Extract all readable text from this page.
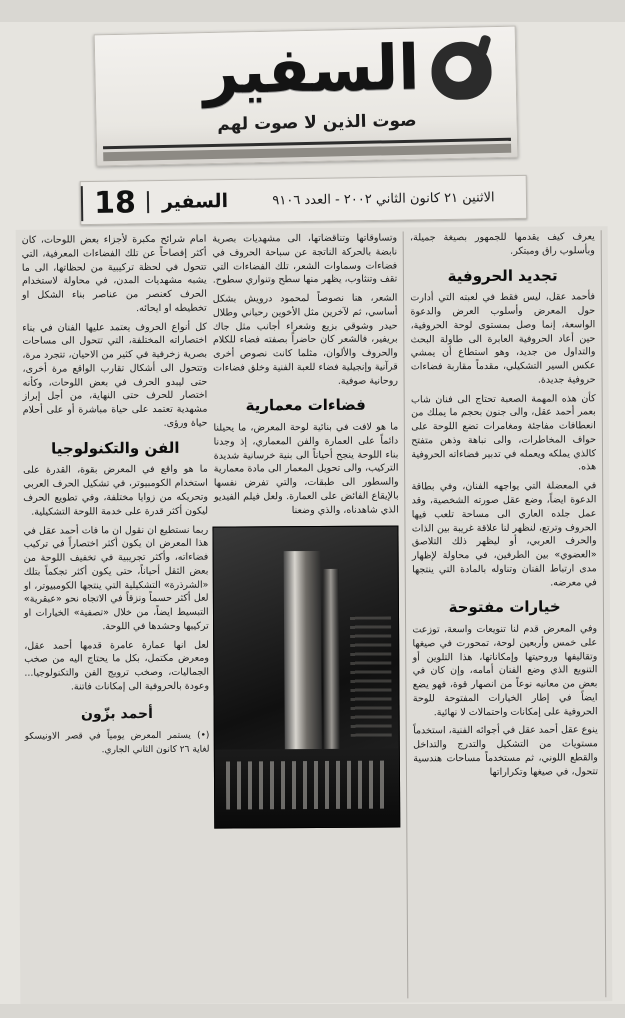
السفير
صوت الذين لا صوت لهم
18	السفير	الاثنين ٢١ كانون الثاني ٢٠٠٢ - العدد ٩١٠٦

امام شرائح مكبرة لأجزاء بعض اللوحات، كان أكثر إفصاحاً عن تلك الفضاءات المعرفية، التي تتحول في لحظة تركيبية من لحظاتها، الى ما يشبه مشهديات المدن، في محاولة لاستخدام الحرف كعنصر من عناصر بناء الشكل او تخطيطه او ايحائه.

كل أنواع الحروف يعتمد عليها الفنان في بناء اختصاراته المختلفة، التي تتحول الى مساحات بصرية زخرفية في كثير من الاحيان، تتجرد مرة، وتتحول الى أشكال تقارب الواقع مرة أخرى، حتى ليبدو الحرف في بعض اللوحات، وكأنه اختصار للحرف حتى النهاية، من أجل إبراز مشهدية تعتمد على حياة مباشرة أو على أحلام حياة ورؤى.

الفن والتكنولوجيا

ما هو واقع في المعرض بقوة، القدرة على استخدام الكومبيوتر، في تشكيل الحرف العربي وتحريكه من زوايا مختلفة، وفي تطويع الحرف ليكون أكثر قدرة على خدمة اللوحة التشكيلية.

ربما نستطيع ان نقول ان ما فات أحمد عقل في هذا المعرض ان يكون أكثر اختصاراً في تركيب فضاءاته، وأكثر تجريبية في تخفيف اللوحة من بعض الثقل أحياناً، حتى يكون أكثر تجكماً بتلك «الشرذرة» التشكيلية التي ينتجها الكومبيوتر، او لعل أكثر حسماً ونزقاً في الاتجاه نحو «عبقرية» التبسيط ايضاً، من خلال «تصفية» الخيارات او تركيبها وحشدها في اللوحة.

لعل انها عمارة عامرة قدمها أحمد عقل، ومعرض مكتمل، بكل ما يحتاج اليه من صخب الجماليات، وصخب ترويج الفن والتكنولوجيا... وعودة بالحروفية الى إمكانات فاتنة.

أحمد بزّون
(•) يستمر المعرض يومياً في قصر الاونيسكو لغاية ٢٦ كانون الثاني الجاري.

وتساوقاتها وتناقضاتها، الى مشهديات بصرية نابضة بالحركة الناتجة عن سباحة الحروف في فضاءات وسماوات الشعر، تلك الفضاءات التي تقف وتنثاوب، يظهر منها سطح وتنواري سطوح.

الشعر، هنا نصوصاً لمحمود درويش بشكل أساسي، ثم لآخرين مثل الأخوين رحباني وطلال حيدر وشوقي بزيع وشعراء أجانب مثل جاك بريفير، فالشعر كان حاضراً بصفته فضاء للكلام والحروف والألوان، مثلما كانت نصوص أخرى قرآنية وإنجيلية فضاء للعبة الفنية وخلق فضاءات روحانية صوفية.

فضاءات معمارية

ما هو لافت في بنائية لوحة المعرض، ما يحيلنا دائماً على العمارة والفن المعماري، إذ وجدنا بناء اللوحة ينجح أحياناً الى بنية خرسانية شديدة التركيب، والى تحويل المعمار الى مادة معمارية والسطور الى طبقات، والتي تفرض نفسها بالإيقاع الفائض على العمارة. ولعل فيلم الفيديو الذي شاهدناه، والذي وضعنا

يعرف كيف يقدمها للجمهور بصيغة جميلة، وبأسلوب راق ومبتكر.

تجديد الحروفية

فأحمد عقل، ليس فقط في لعبته التي أدارت حول المعرض وأسلوب العرض والدعوة الواسعة، إنما وصل بمستوى لوحة الحروفية، حين أعاد الحروفية العابرة الى طاولة البحث والتداول من جديد، وهو استطاع أن يمشي عكس السير التشكيلي، مقدماً مقاربة فضاءات حروفية جديدة.

كأن هذه المهمة الصعبة تحتاج الى فنان شاب بعمر أحمد عقل، والى جنون بحجم ما يملك من انعطافات مفاجئة ومغامرات تضع اللوحة على حواف المخاطرات، والى نباهة وذهن متفتح كالذي يملكه ويعمله في تدبير فضاءاته الحروفية هذه.

في المعضلة التي يواجهه الفنان، وفي بطاقة الدعوة ايضاً، وضع عقل صورته الشخصية، وقد عمل جلده العاري الى مساحة تلعب فيها الحروف وترتع، لنظهر لنا علاقة غريبة بين الذات والحرف العربي، أو ليظهر ذلك التلاصق «العضوي» بين الطرفين، في محاولة لإظهار مدى ارتباط الفنان وتناوله بالمادة التي ينتجها في معرضه.

خيارات مفتوحة

وفي المعرض قدم لنا تنويعات واسعة، توزعت على خمس وأربعين لوحة، تمحورت في صيغها وتقاليفها وروحيتها وإمكاناتها، هذا التلوين أو التنويع الذي وضع الفنان أمامه، وإن كان في بعض من معانيه نوعاً من انصهار قوة، فهو يضع ايضاً في إطار الخيارات المفتوحة للوحة الحروفية على إمكانات واحتمالات لا نهائية.

ينوع عقل أحمد عقل في أجوائه الفنية، استخدماً مستويات من التشكيل والتدرج والتداخل والقطع اللوني، ثم مستخدماً مساحات هندسية تتحول، في صيغها وتكراراتها
